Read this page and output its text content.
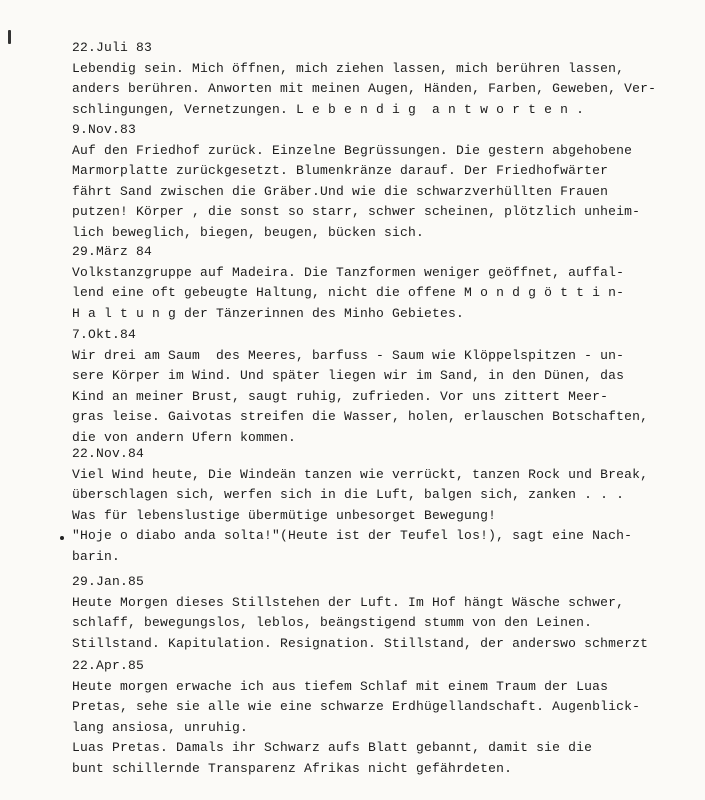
22.Juli 83
Lebendig sein. Mich öffnen, mich ziehen lassen, mich berühren lassen,
anders berühren. Anworten mit meinen Augen, Händen, Farben, Geweben, Ver-
schlingungen, Vernetzungen. L e b e n d i g  a n t w o r t e n .
9.Nov.83
Auf den Friedhof zurück. Einzelne Begrüssungen. Die gestern abgehobene
Marmorplatte zurückgesetzt. Blumenkränze darauf. Der Friedhofwärter
fährt Sand zwischen die Gräber.Und wie die schwarzverhüllten Frauen
putzen! Körper , die sonst so starr, schwer scheinen, plötzlich unheim-
lich beweglich, biegen, beugen, bücken sich.
29.März 84
Volkstanzgruppe auf Madeira. Die Tanzformen weniger geöffnet, auffal-
lend eine oft gebeugte Haltung, nicht die offene M o n d g ö t t i n-
H a l t u n g der Tänzerinnen des Minho Gebietes.
7.Okt.84
Wir drei am Saum  des Meeres, barfuss - Saum wie Klöppelspitzen - un-
sere Körper im Wind. Und später liegen wir im Sand, in den Dünen, das
Kind an meiner Brust, saugt ruhig, zufrieden. Vor uns zittert Meer-
gras leise. Gaivotas streifen die Wasser, holen, erlauschen Botschaften,
die von andern Ufern kommen.
22.Nov.84
Viel Wind heute, Die Windeän tanzen wie verrückt, tanzen Rock und Break,
überschlagen sich, werfen sich in die Luft, balgen sich, zanken . . .
Was für lebenslustige übermütige unbesorget Bewegung!
"Hoje o diabo anda solta!"(Heute ist der Teufel los!), sagt eine Nach-
barin.
29.Jan.85
Heute Morgen dieses Stillstehen der Luft. Im Hof hängt Wäsche schwer,
schlaff, bewegungslos, leblos, beängstigend stumm von den Leinen.
Stillstand. Kapitulation. Resignation. Stillstand, der anderswo schmerzt
22.Apr.85
Heute morgen erwache ich aus tiefem Schlaf mit einem Traum der Luas
Pretas, sehe sie alle wie eine schwarze Erdhügellandschaft. Augenblick-
lang ansiosa, unruhig.
Luas Pretas. Damals ihr Schwarz aufs Blatt gebannt, damit sie die
bunt schillernde Transparenz Afrikas nicht gefährdeten.
